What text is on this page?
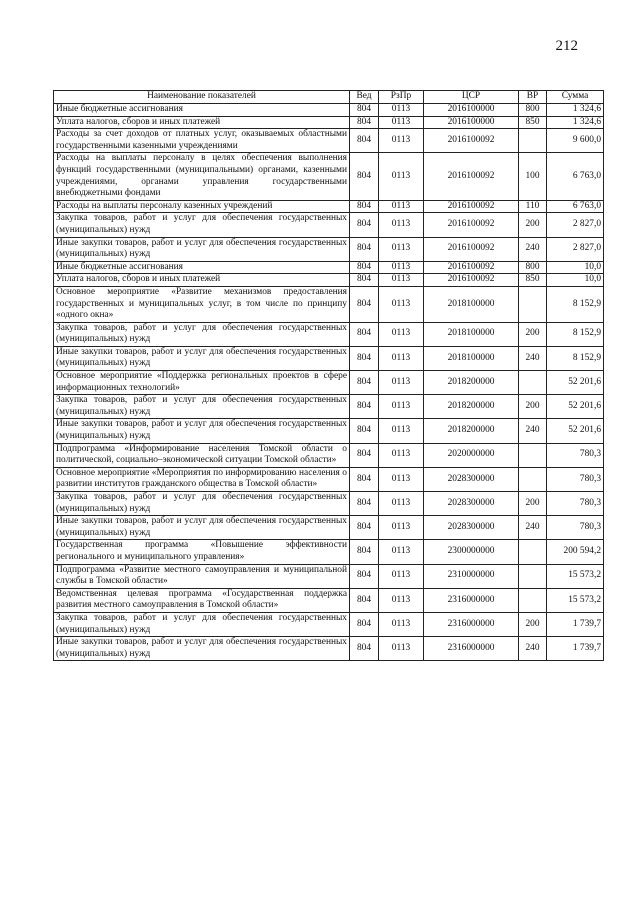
212
Наименование показателей	Вед	РзПр	ЦСР	ВР	Сумма
Иные бюджетные ассигнования	804	0113	2016100000	800	1 324,6
Уплата налогов, сборов и иных платежей	804	0113	2016100000	850	1 324,6
Расходы за счет доходов от платных услуг, оказываемых областными государственными казенными учреждениями	804	0113	2016100092		9 600,0
Расходы на выплаты персоналу в целях обеспечения выполнения функций государственными (муниципальными) органами, казенными учреждениями, органами управления государственными внебюджетными фондами	804	0113	2016100092	100	6 763,0
Расходы на выплаты персоналу казенных учреждений	804	0113	2016100092	110	6 763,0
Закупка товаров, работ и услуг для обеспечения государственных (муниципальных) нужд	804	0113	2016100092	200	2 827,0
Иные закупки товаров, работ и услуг для обеспечения государственных (муниципальных) нужд	804	0113	2016100092	240	2 827,0
Иные бюджетные ассигнования	804	0113	2016100092	800	10,0
Уплата налогов, сборов и иных платежей	804	0113	2016100092	850	10,0
Основное мероприятие «Развитие механизмов предоставления государственных и муниципальных услуг, в том числе по принципу «одного окна»	804	0113	2018100000		8 152,9
Закупка товаров, работ и услуг для обеспечения государственных (муниципальных) нужд	804	0113	2018100000	200	8 152,9
Иные закупки товаров, работ и услуг для обеспечения государственных (муниципальных) нужд	804	0113	2018100000	240	8 152,9
Основное мероприятие «Поддержка региональных проектов в сфере информационных технологий»	804	0113	2018200000		52 201,6
Закупка товаров, работ и услуг для обеспечения государственных (муниципальных) нужд	804	0113	2018200000	200	52 201,6
Иные закупки товаров, работ и услуг для обеспечения государственных (муниципальных) нужд	804	0113	2018200000	240	52 201,6
Подпрограмма «Информирование населения Томской области о политической, социально–экономической ситуации Томской области»	804	0113	2020000000		780,3
Основное мероприятие «Мероприятия по информированию населения о развитии институтов гражданского общества в Томской области»	804	0113	2028300000		780,3
Закупка товаров, работ и услуг для обеспечения государственных (муниципальных) нужд	804	0113	2028300000	200	780,3
Иные закупки товаров, работ и услуг для обеспечения государственных (муниципальных) нужд	804	0113	2028300000	240	780,3
Государственная программа «Повышение эффективности регионального и муниципального управления»	804	0113	2300000000		200 594,2
Подпрограмма «Развитие местного самоуправления и муниципальной службы в Томской области»	804	0113	2310000000		15 573,2
Ведомственная целевая программа «Государственная поддержка развития местного самоуправления в Томской области»	804	0113	2316000000		15 573,2
Закупка товаров, работ и услуг для обеспечения государственных (муниципальных) нужд	804	0113	2316000000	200	1 739,7
Иные закупки товаров, работ и услуг для обеспечения государственных (муниципальных) нужд	804	0113	2316000000	240	1 739,7
